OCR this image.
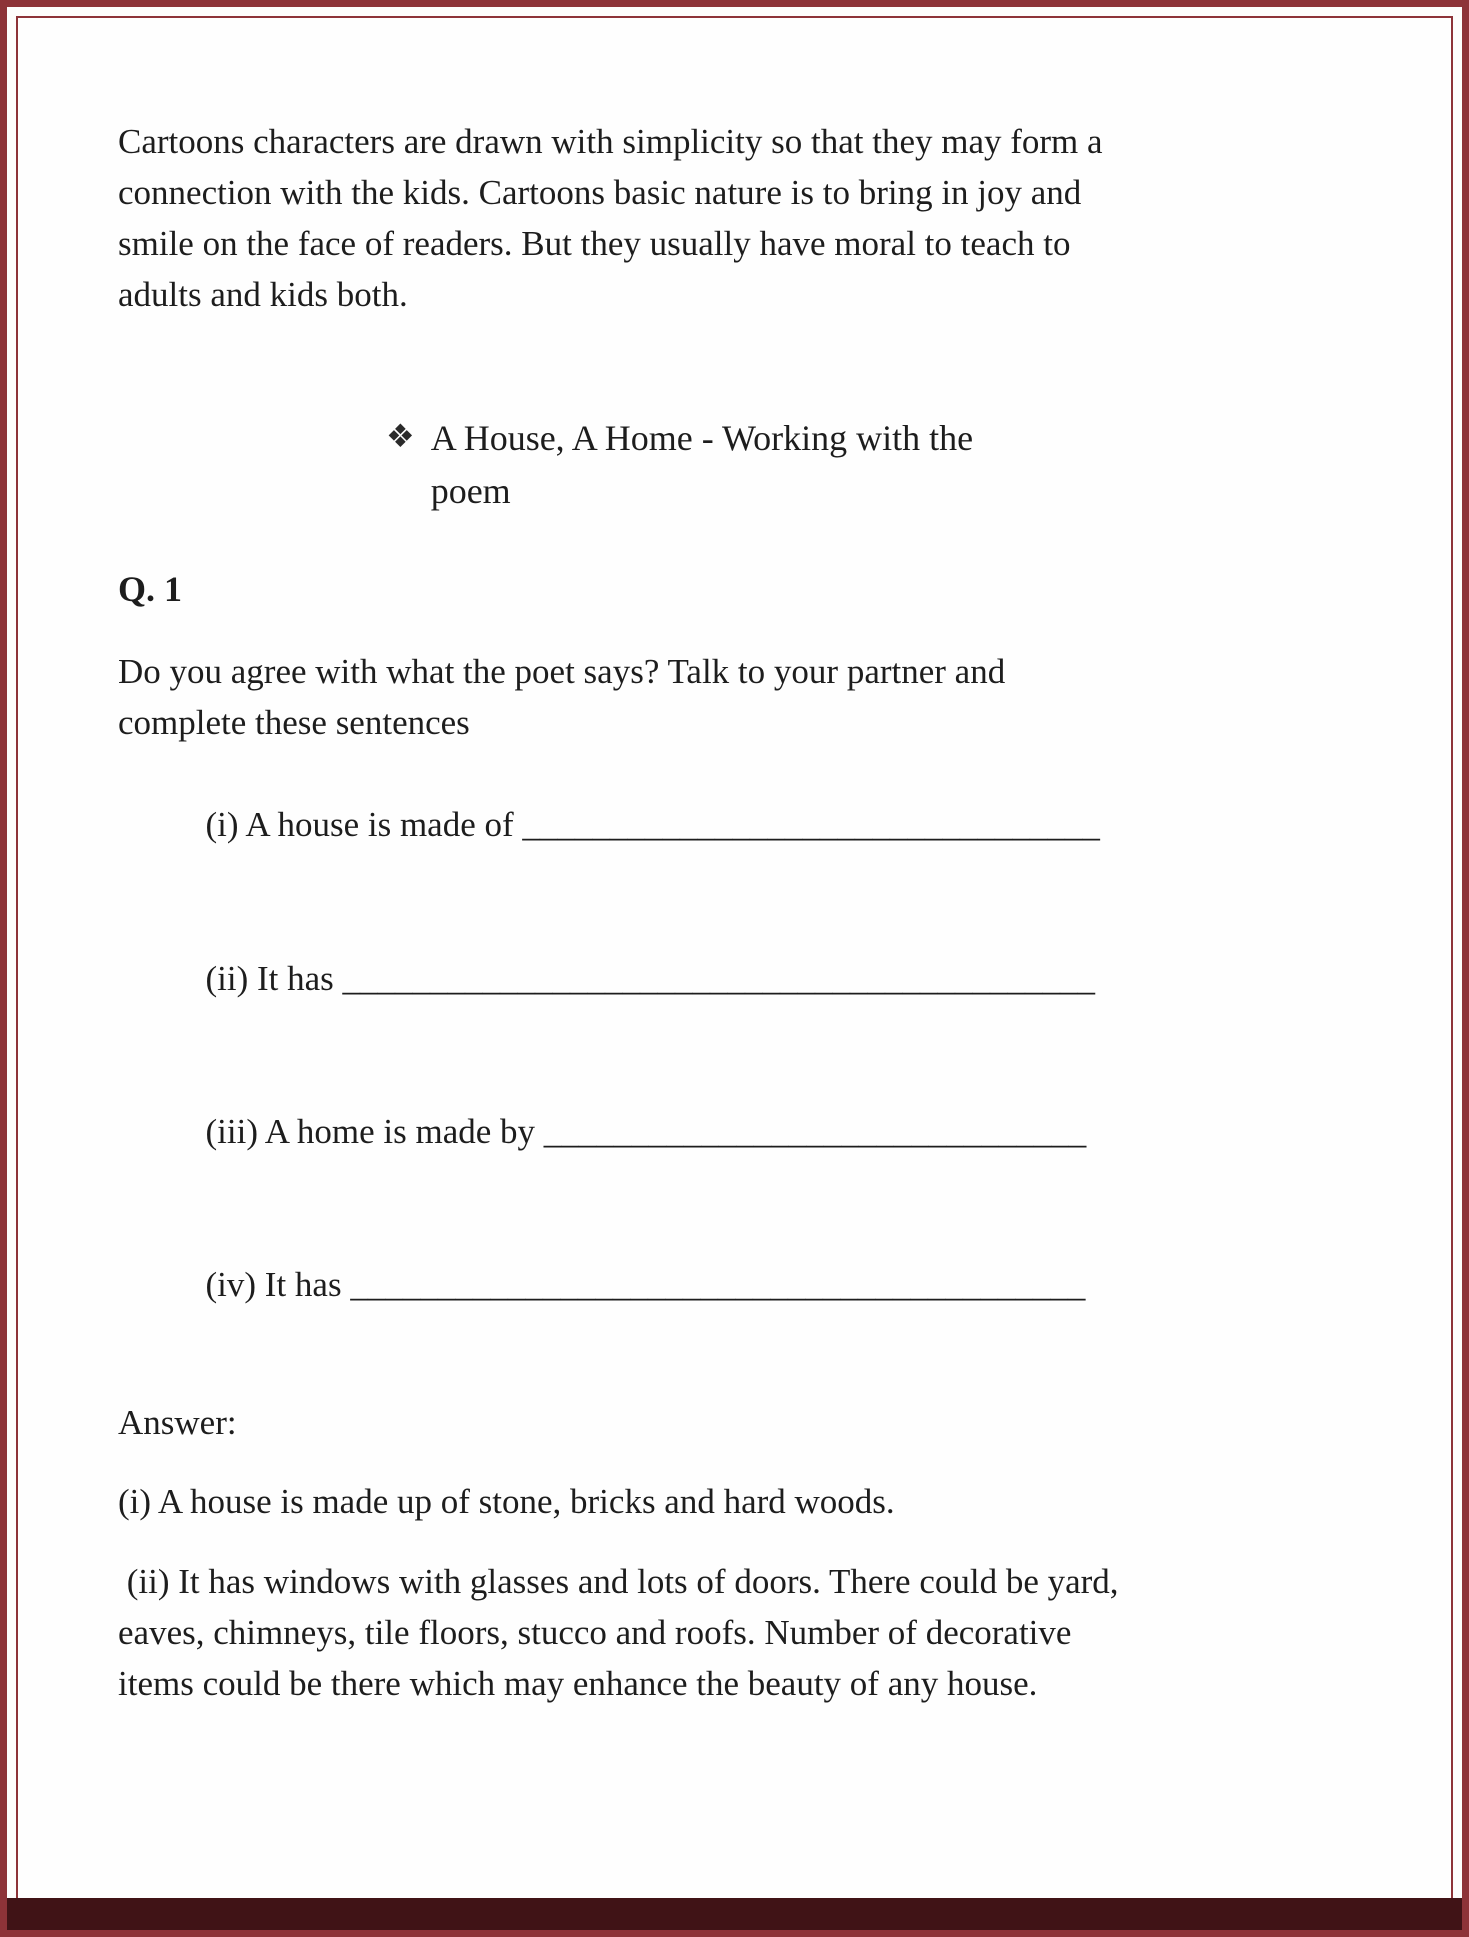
Cartoons characters are drawn with simplicity so that they may form a connection with the kids. Cartoons basic nature is to bring in joy and smile on the face of readers. But they usually have moral to teach to adults and kids both.

❖ A House, A Home - Working with the poem

Q. 1

Do you agree with what the poet says? Talk to your partner and complete these sentences

(i) A house is made of _________________________________

(ii) It has ___________________________________________

(iii) A home is made by _______________________________

(iv) It has __________________________________________

Answer:

(i) A house is made up of stone, bricks and hard woods.

(ii) It has windows with glasses and lots of doors. There could be yard, eaves, chimneys, tile floors, stucco and roofs. Number of decorative items could be there which may enhance the beauty of any house.
